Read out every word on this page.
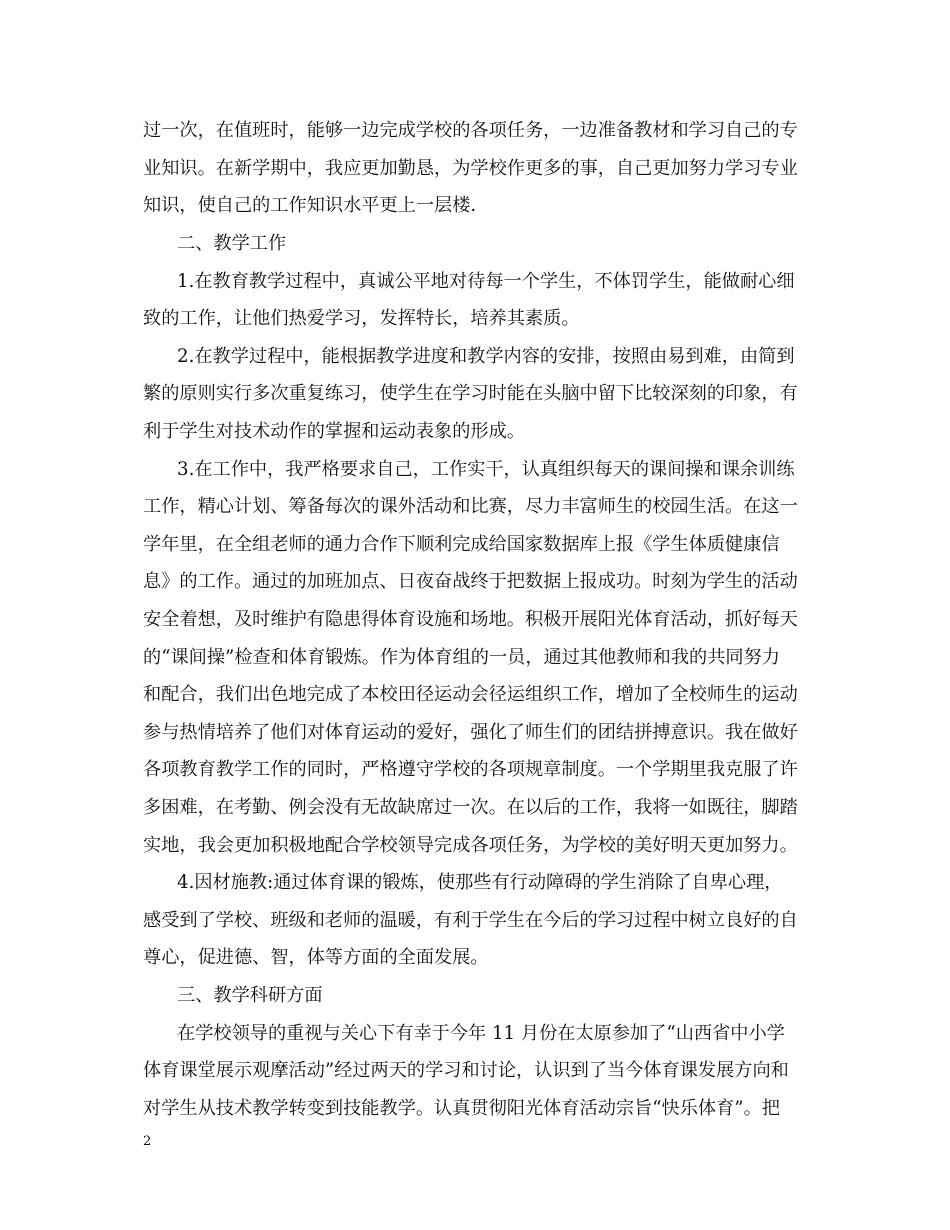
过一次，在值班时，能够一边完成学校的各项任务，一边准备教材和学习自己的专
业知识。在新学期中，我应更加勤恳，为学校作更多的事，自己更加努力学习专业
知识，使自己的工作知识水平更上一层楼.
二、教学工作
1.在教育教学过程中，真诚公平地对待每一个学生，不体罚学生，能做耐心细
致的工作，让他们热爱学习，发挥特长，培养其素质。
2.在教学过程中，能根据教学进度和教学内容的安排，按照由易到难，由简到
繁的原则实行多次重复练习，使学生在学习时能在头脑中留下比较深刻的印象，有
利于学生对技术动作的掌握和运动表象的形成。
3.在工作中，我严格要求自己，工作实干，认真组织每天的课间操和课余训练
工作，精心计划、筹备每次的课外活动和比赛，尽力丰富师生的校园生活。在这一
学年里，在全组老师的通力合作下顺利完成给国家数据库上报《学生体质健康信
息》的工作。通过的加班加点、日夜奋战终于把数据上报成功。时刻为学生的活动
安全着想，及时维护有隐患得体育设施和场地。积极开展阳光体育活动，抓好每天
的“课间操”检查和体育锻炼。作为体育组的一员，通过其他教师和我的共同努力
和配合，我们出色地完成了本校田径运动会径运组织工作，增加了全校师生的运动
参与热情培养了他们对体育运动的爱好，强化了师生们的团结拼搏意识。我在做好
各项教育教学工作的同时，严格遵守学校的各项规章制度。一个学期里我克服了许
多困难，在考勤、例会没有无故缺席过一次。在以后的工作，我将一如既往，脚踏
实地，我会更加积极地配合学校领导完成各项任务，为学校的美好明天更加努力。
4.因材施教:通过体育课的锻炼，使那些有行动障碍的学生消除了自卑心理，
感受到了学校、班级和老师的温暖，有利于学生在今后的学习过程中树立良好的自
尊心，促进德、智，体等方面的全面发展。
三、教学科研方面
在学校领导的重视与关心下有幸于今年 11 月份在太原参加了“山西省中小学
体育课堂展示观摩活动”经过两天的学习和讨论，认识到了当今体育课发展方向和
对学生从技术教学转变到技能教学。认真贯彻阳光体育活动宗旨“快乐体育”。把
2
